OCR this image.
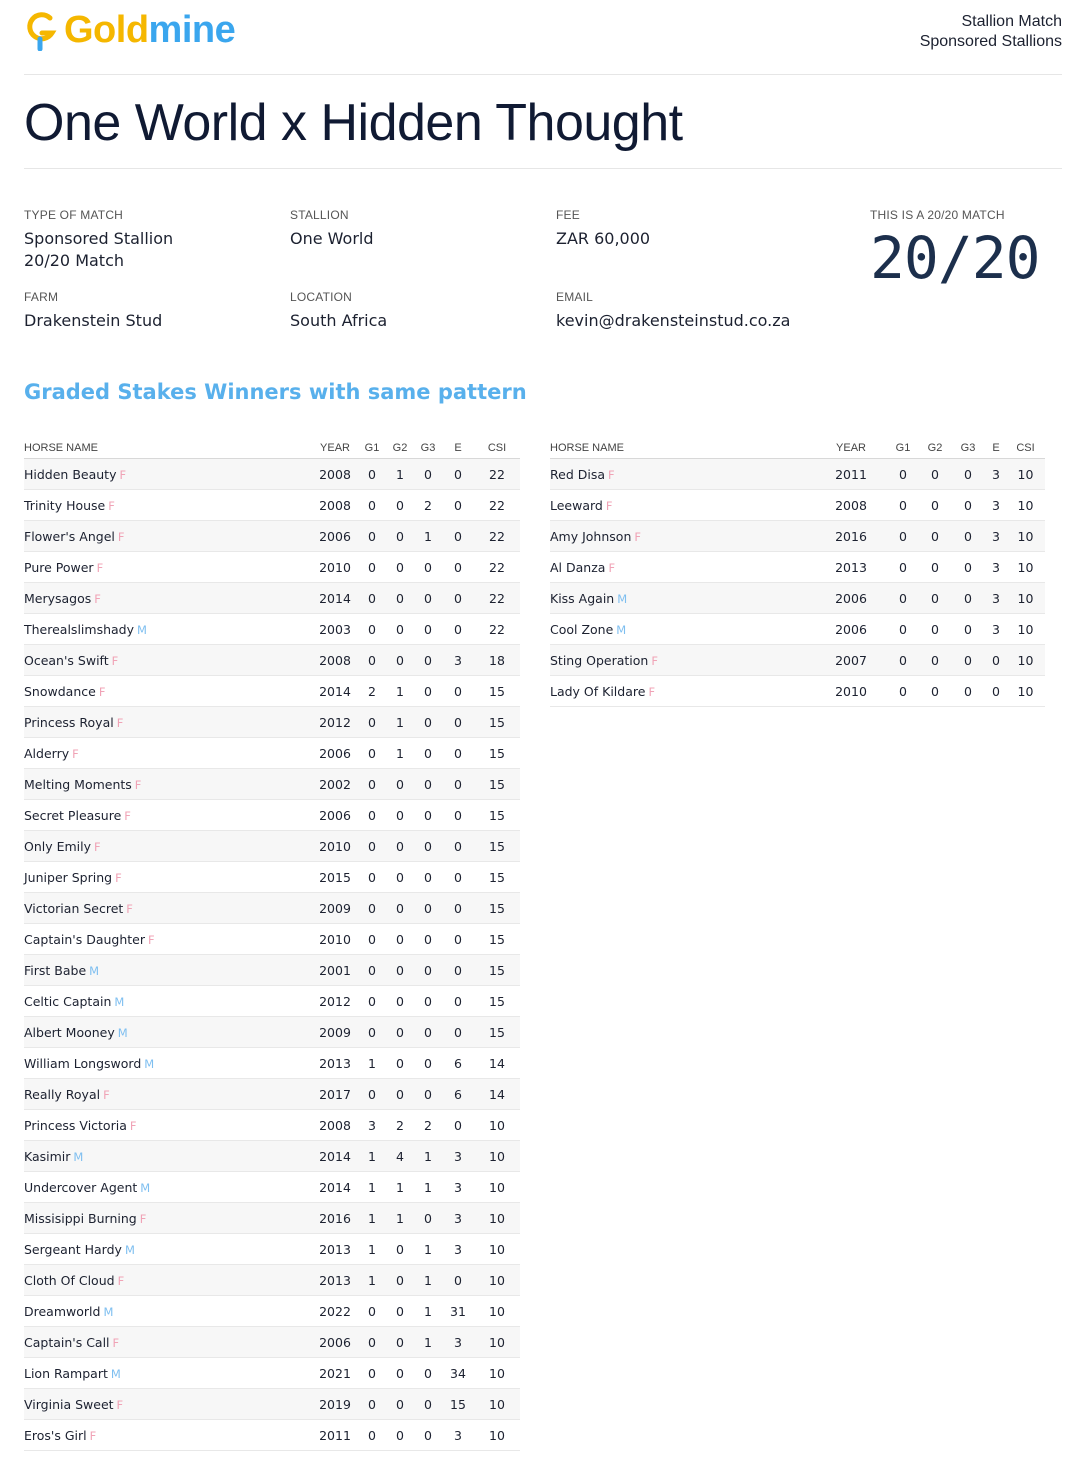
Goldmine	Stallion Match
Sponsored Stallions
One World x Hidden Thought
TYPE OF MATCH
Sponsored Stallion
20/20 Match
STALLION
One World
FEE
ZAR 60,000
FARM
Drakenstein Stud
LOCATION
South Africa
EMAIL
kevin@drakensteinstud.co.za
THIS IS A 20/20 MATCH
20/20
Graded Stakes Winners with same pattern
HORSE NAME	YEAR	G1	G2	G3	E	CSI
Hidden Beauty F	2008	0	1	0	0	22
Trinity House F	2008	0	0	2	0	22
Flower's Angel F	2006	0	0	1	0	22
Pure Power F	2010	0	0	0	0	22
Merysagos F	2014	0	0	0	0	22
Therealslimshady M	2003	0	0	0	0	22
Ocean's Swift F	2008	0	0	0	3	18
Snowdance F	2014	2	1	0	0	15
Princess Royal F	2012	0	1	0	0	15
Alderry F	2006	0	1	0	0	15
Melting Moments F	2002	0	0	0	0	15
Secret Pleasure F	2006	0	0	0	0	15
Only Emily F	2010	0	0	0	0	15
Juniper Spring F	2015	0	0	0	0	15
Victorian Secret F	2009	0	0	0	0	15
Captain's Daughter F	2010	0	0	0	0	15
First Babe M	2001	0	0	0	0	15
Celtic Captain M	2012	0	0	0	0	15
Albert Mooney M	2009	0	0	0	0	15
William Longsword M	2013	1	0	0	6	14
Really Royal F	2017	0	0	0	6	14
Princess Victoria F	2008	3	2	2	0	10
Kasimir M	2014	1	4	1	3	10
Undercover Agent M	2014	1	1	1	3	10
Missisippi Burning F	2016	1	1	0	3	10
Sergeant Hardy M	2013	1	0	1	3	10
Cloth Of Cloud F	2013	1	0	1	0	10
Dreamworld M	2022	0	0	1	31	10
Captain's Call F	2006	0	0	1	3	10
Lion Rampart M	2021	0	0	0	34	10
Virginia Sweet F	2019	0	0	0	15	10
Eros's Girl F	2011	0	0	0	3	10
HORSE NAME	YEAR	G1	G2	G3	E	CSI
Red Disa F	2011	0	0	0	3	10
Leeward F	2008	0	0	0	3	10
Amy Johnson F	2016	0	0	0	3	10
Al Danza F	2013	0	0	0	3	10
Kiss Again M	2006	0	0	0	3	10
Cool Zone M	2006	0	0	0	3	10
Sting Operation F	2007	0	0	0	0	10
Lady Of Kildare F	2010	0	0	0	0	10
